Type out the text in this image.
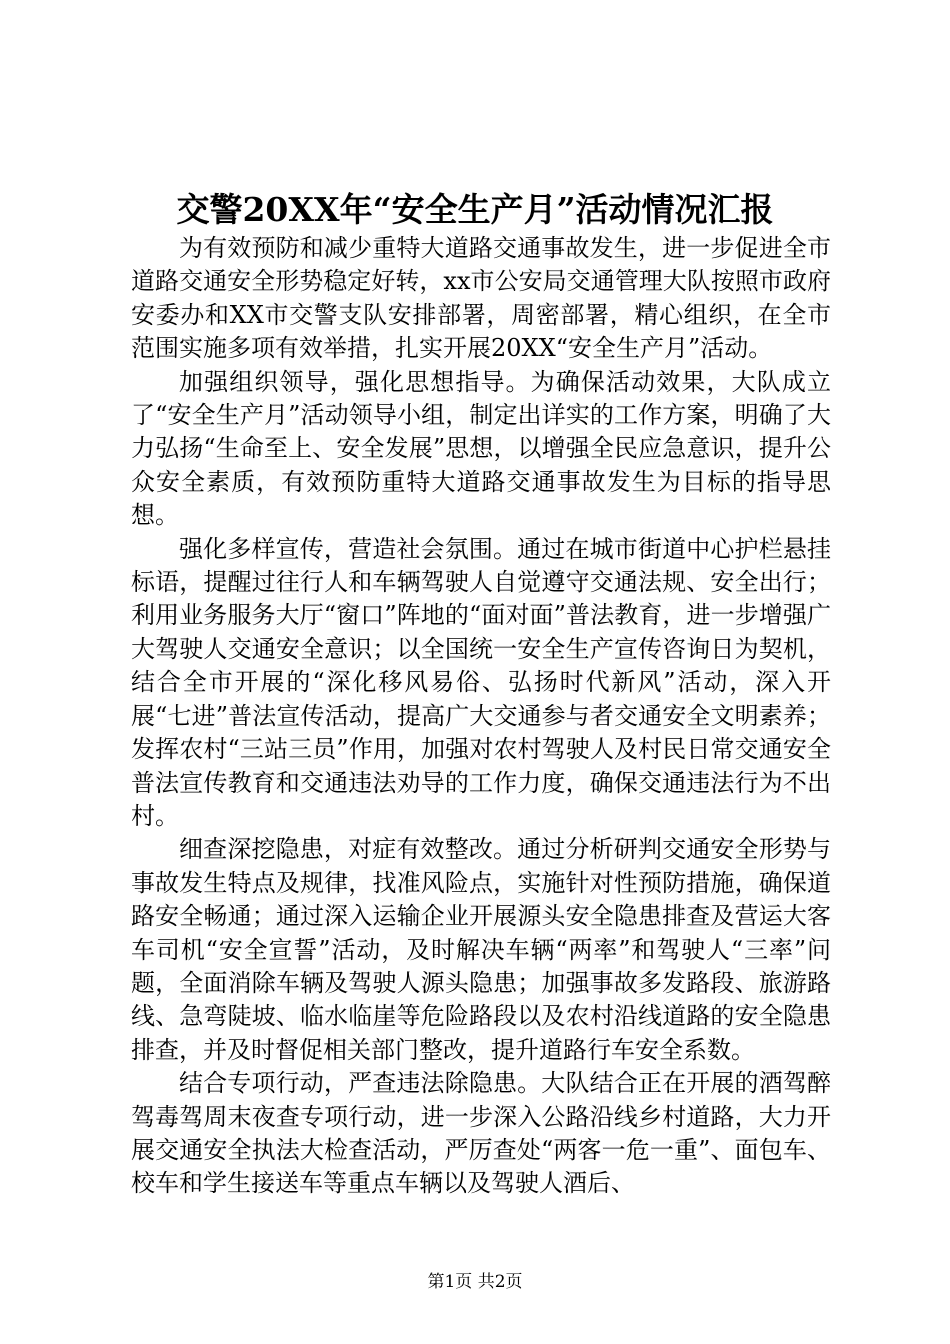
交警20XX年“安全生产月”活动情况汇报

为有效预防和减少重特大道路交通事故发生，进一步促进全市道路交通安全形势稳定好转，xx市公安局交通管理大队按照市政府安委办和XX市交警支队安排部署，周密部署，精心组织，在全市范围实施多项有效举措，扎实开展20XX“安全生产月”活动。

加强组织领导，强化思想指导。为确保活动效果，大队成立了“安全生产月”活动领导小组，制定出详实的工作方案，明确了大力弘扬“生命至上、安全发展”思想，以增强全民应急意识，提升公众安全素质，有效预防重特大道路交通事故发生为目标的指导思想。

强化多样宣传，营造社会氛围。通过在城市街道中心护栏悬挂标语，提醒过往行人和车辆驾驶人自觉遵守交通法规、安全出行；利用业务服务大厅“窗口”阵地的“面对面”普法教育，进一步增强广大驾驶人交通安全意识；以全国统一安全生产宣传咨询日为契机，结合全市开展的“深化移风易俗、弘扬时代新风”活动，深入开展“七进”普法宣传活动，提高广大交通参与者交通安全文明素养；发挥农村“三站三员”作用，加强对农村驾驶人及村民日常交通安全普法宣传教育和交通违法劝导的工作力度，确保交通违法行为不出村。

细查深挖隐患，对症有效整改。通过分析研判交通安全形势与事故发生特点及规律，找准风险点，实施针对性预防措施，确保道路安全畅通；通过深入运输企业开展源头安全隐患排查及营运大客车司机“安全宣誓”活动，及时解决车辆“两率”和驾驶人“三率”问题，全面消除车辆及驾驶人源头隐患；加强事故多发路段、旅游路线、急弯陡坡、临水临崖等危险路段以及农村沿线道路的安全隐患排查，并及时督促相关部门整改，提升道路行车安全系数。

结合专项行动，严查违法除隐患。大队结合正在开展的酒驾醉驾毒驾周末夜查专项行动，进一步深入公路沿线乡村道路，大力开展交通安全执法大检查活动，严厉查处“两客一危一重”、面包车、校车和学生接送车等重点车辆以及驾驶人酒后、

第1页 共2页
